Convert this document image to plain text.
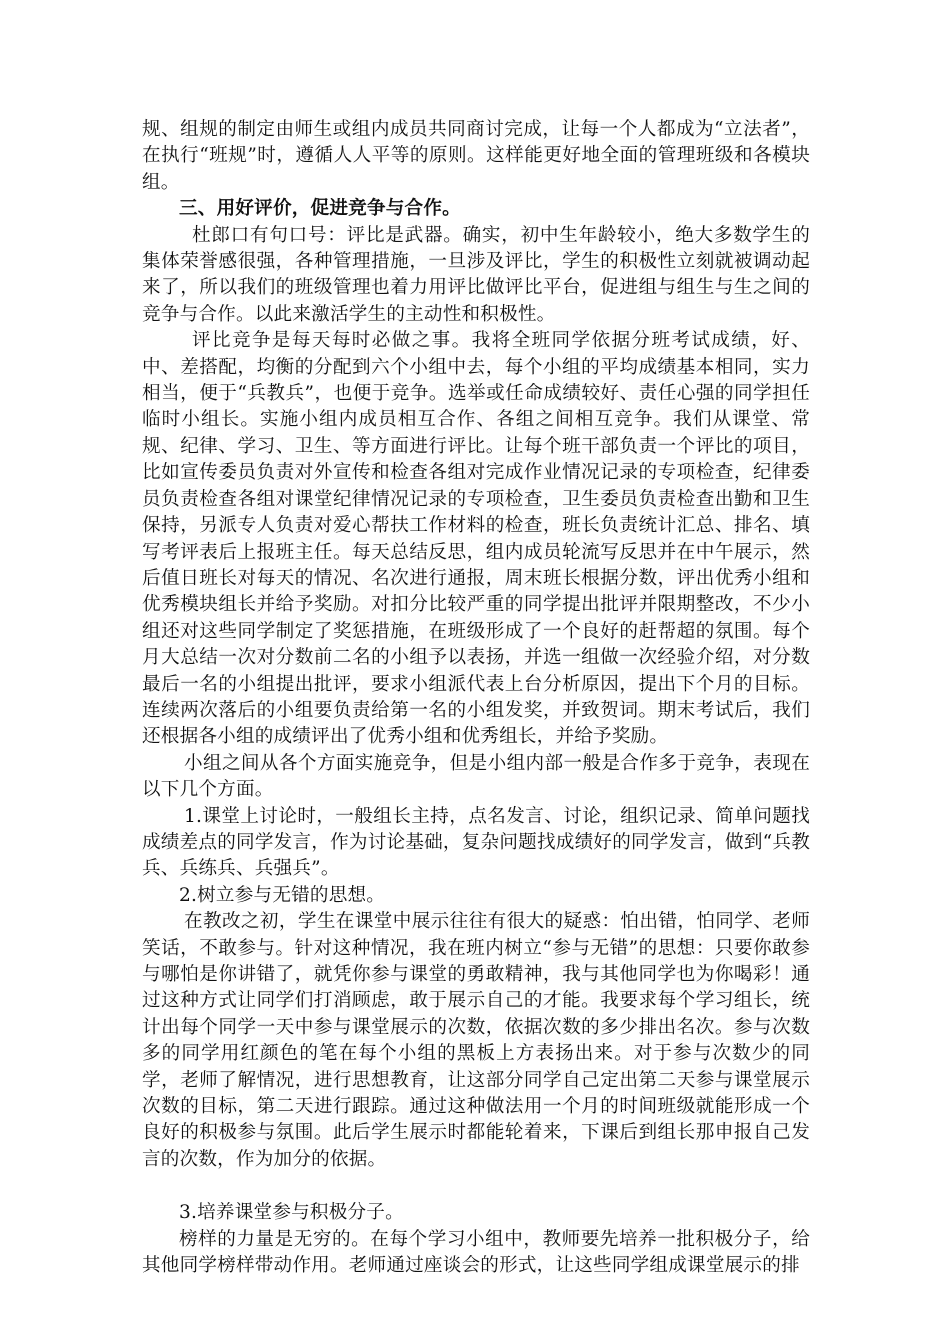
规、组规的制定由师生或组内成员共同商讨完成，让每一个人都成为“立法者”，在执行“班规”时，遵循人人平等的原则。这样能更好地全面的管理班级和各模块组。

三、用好评价，促进竞争与合作。

杜郎口有句口号：评比是武器。确实，初中生年龄较小，绝大多数学生的集体荣誉感很强，各种管理措施，一旦涉及评比，学生的积极性立刻就被调动起来了，所以我们的班级管理也着力用评比做评比平台，促进组与组生与生之间的竞争与合作。以此来激活学生的主动性和积极性。

评比竞争是每天每时必做之事。我将全班同学依据分班考试成绩，好、中、差搭配，均衡的分配到六个小组中去，每个小组的平均成绩基本相同，实力相当，便于“兵教兵”，也便于竞争。选举或任命成绩较好、责任心强的同学担任临时小组长。实施小组内成员相互合作、各组之间相互竞争。我们从课堂、常规、纪律、学习、卫生、等方面进行评比。让每个班干部负责一个评比的项目，比如宣传委员负责对外宣传和检查各组对完成作业情况记录的专项检查，纪律委员负责检查各组对课堂纪律情况记录的专项检查，卫生委员负责检查出勤和卫生保持，另派专人负责对爱心帮扶工作材料的检查，班长负责统计汇总、排名、填写考评表后上报班主任。每天总结反思，组内成员轮流写反思并在中午展示，然后值日班长对每天的情况、名次进行通报，周末班长根据分数，评出优秀小组和优秀模块组长并给予奖励。对扣分比较严重的同学提出批评并限期整改，不少小组还对这些同学制定了奖惩措施，在班级形成了一个良好的赶帮超的氛围。每个月大总结一次对分数前二名的小组予以表扬，并选一组做一次经验介绍，对分数最后一名的小组提出批评，要求小组派代表上台分析原因，提出下个月的目标。连续两次落后的小组要负责给第一名的小组发奖，并致贺词。期末考试后，我们还根据各小组的成绩评出了优秀小组和优秀组长，并给予奖励。

小组之间从各个方面实施竞争，但是小组内部一般是合作多于竞争，表现在以下几个方面。

1.课堂上讨论时，一般组长主持，点名发言、讨论，组织记录、简单问题找成绩差点的同学发言，作为讨论基础，复杂问题找成绩好的同学发言，做到“兵教兵、兵练兵、兵强兵”。

2.树立参与无错的思想。

在教改之初，学生在课堂中展示往往有很大的疑惑：怕出错，怕同学、老师笑话，不敢参与。针对这种情况，我在班内树立“参与无错”的思想：只要你敢参与哪怕是你讲错了，就凭你参与课堂的勇敢精神，我与其他同学也为你喝彩！通过这种方式让同学们打消顾虑，敢于展示自己的才能。我要求每个学习组长，统计出每个同学一天中参与课堂展示的次数，依据次数的多少排出名次。参与次数多的同学用红颜色的笔在每个小组的黑板上方表扬出来。对于参与次数少的同学，老师了解情况，进行思想教育，让这部分同学自己定出第二天参与课堂展示次数的目标，第二天进行跟踪。通过这种做法用一个月的时间班级就能形成一个良好的积极参与氛围。此后学生展示时都能轮着来，下课后到组长那申报自己发言的次数，作为加分的依据。

3.培养课堂参与积极分子。

榜样的力量是无穷的。在每个学习小组中，教师要先培养一批积极分子，给其他同学榜样带动作用。老师通过座谈会的形式，让这些同学组成课堂展示的排
